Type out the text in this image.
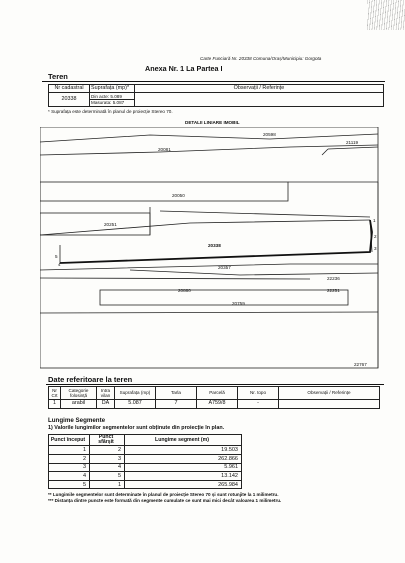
Carte Funciară Nr. 20338 Comuna/Oraș/Municipiu: Gorgota
Anexa Nr. 1 La Partea I
Teren
Nr cadastral	Suprafața (mp)*	Observații / Referințe
20338	Din acte: 5.089
Masurata: 5.087	

* Suprafața este determinată în planul de proiecție Stereo 70.
DETALII LINIARE IMOBIL
20598
20081
21119
20050
20251
20338
20357
22236
20880	22251
20759
22767
1
2
3
4
5
Date referitoare la teren
Nr Crt	Categorie folosință	Intra vilan	Suprafața (mp)	Tarla	Parcelă	Nr. topo	Observații / Referințe
1	arabil	DA	5.087	7	A759/8	-	
Lungime Segmente
1) Valorile lungimilor segmentelor sunt obținute din proiecție în plan.
Punct început	Punct sfârșit	Lungime segment (m)
1	2	19.503
2	3	262.866
3	4	5.961
4	5	13.142
5	1	265.984
** Lungimile segmentelor sunt determinate în planul de proiecție Stereo 70 și sunt rotunjite la 1 milimetru.
*** Distanța dintre puncte este formată din segmente cumulate ce sunt mai mici decât valoarea 1 milimetru.
